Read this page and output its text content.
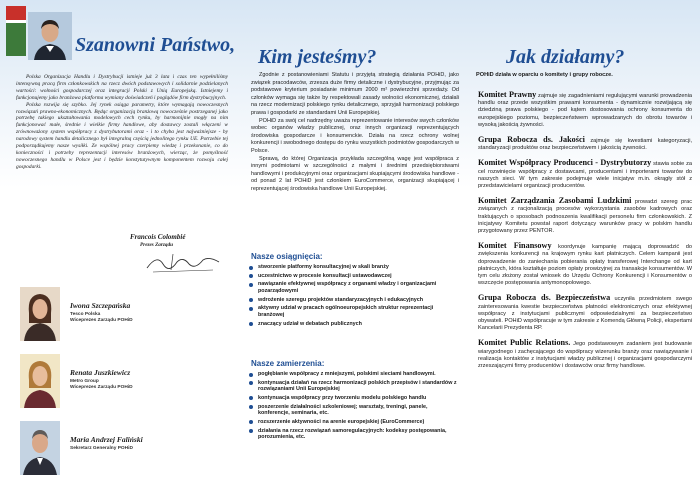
Szanowni Państwo,

Polska Organizacja Handlu i Dystrybucji istnieje już 3 lata i czas ten wypełniliśmy intensywną pracą firm członkowskich na rzecz dwóch podstawowych i solidarnie podzielanych wartości: wolności gospodarczej oraz integracji Polski z Unią Europejską. Istniejemy i funkcjonujemy jako branżowa platforma wymiany doświadczeń i poglądów firm dystrybucyjnych.

Polska rozwija się szybko. Jej rynek osiąga parametry, które wymagają nowoczesnych rozwiązań prawno-ekonomicznych. Będąc organizacją branżową nowocześnie postrzeganej jako potrzebę takiego ukształtowania modelowych cech rynku, by harmonijnie mogły na nim funkcjonować małe, średnie i wielkie firmy handlowe, aby dostawcy zostali włączeni w zrównoważony system współpracy z dystrybutorami oraz - i to chyba jest najważniejsze - by narodowy system handlu detalicznego był integralną częścią jednolitego rynku UE. Potrzebie tej podporządkujemy nasze wysiłki. Ze wspólnej pracy czerpiemy wiedzę i przekonanie, co do konieczności i potrzeby reprezentacji interesów branżowych, wierząc, że pomyślność nowoczesnego handlu w Polsce jest i będzie konstytutywnym komponentem rozwoju całej gospodarki.

Francois Colombié
Prezes Zarządu
Iwona Szczepańska
Tesco Polska
Wiceprezes Zarządu POHiD
Renata Juszkiewicz
Metro Group
Wiceprezes Zarządu POHiD
Maria Andrzej Faliński
Sekretarz Generalny POHiD
Kim jesteśmy?

Zgodnie z postanowieniami Statutu i przyjętą strategią działania POHiD, jako związek pracodawców, zrzesza duże firmy detaliczne i dystrybucyjne, przyjmując za podstawowe kryterium posiadanie minimum 2000 m² powierzchni sprzedaży. Od członków wymaga się także by respektowali zasady wolności ekonomicznej, działali na rzecz modernizacji polskiego rynku detalicznego, sprzyjali harmonizacji polskiego prawa i gospodarki ze standardami Unii Europejskiej.

POHiD za swój cel nadrzędny uważa reprezentowanie interesów swych członków wobec organów władzy publicznej, oraz innych organizacji reprezentujących środowiska gospodarcze i konsumenckie. Działa na rzecz ochrony wolnej konkurencji i swobodnego dostępu do rynku wszystkich podmiotów gospodarczych w Polsce.

Sprawą, do której Organizacja przykłada szczególną wagę jest współpraca z innymi podmiotami w szczególności z małymi i średnimi przedsiębiorstwami handlowymi i produkcyjnymi oraz organizacjami skupiającymi środowiska handlowe - od ponad 2 lat POHiD jest członkiem EuroCommerce, organizacji skupiającej i reprezentującej środowiska handlowe Unii Europejskiej.

Nasze osiągnięcia:
stworzenie platformy konsultacyjnej w skali branży
uczestnictwo w procesie konsultacji ustawodawczej
nawiązanie efektywnej współpracy z organami władzy i organizacjami pozarządowymi
wdrożenie szeregu projektów standaryzacyjnych i edukacyjnych
aktywny udział w pracach ogólnoeuropejskich struktur reprezentacji branżowej
znaczący udział w debatach publicznych
Nasze zamierzenia:
pogłębianie współpracy z mniejszymi, polskimi sieciami handlowymi.
kontynuacja działań na rzecz harmonizacji polskich przepisów i standardów z rozwiązaniami Unii Europejskiej
kontynuacja współpracy przy tworzeniu modelu polskiego handlu
poszerzenie działalności szkoleniowej; warsztaty, treningi, panele, konferencje, seminaria, etc.
rozszerzenie aktywności na arenie europejskiej (EuroCommerce)
działania na rzecz rozwiązań samoregulacyjnych: kodeksy postępowania, porozumienia, etc.
Jak działamy?

POHiD działa w oparciu o komitety i grupy robocze.

Komitet Prawny zajmuje się zagadnieniami regulującymi warunki prowadzenia handlu oraz przede wszystkim prawami konsumenta - dynamicznie rozwijającą się dziedziną prawa polskiego - pod kątem dostosowania ochrony konsumenta do europejskiego poziomu, bezpieczeństwem wprowadzanych do obrotu towarów i wysoką jakością żywności.

Grupa Robocza ds. Jakości zajmuje się kwestiami kategoryzacji, standaryzacji produktów oraz bezpieczeństwem i jakością żywności.

Komitet Współpracy Producenci - Dystrybutorzy stawia sobie za cel rozwinięcie współpracy z dostawcami, producentami i importerami towarów do naszych sieci. W tym zakresie podejmuje wiele inicjatyw m.in. okrągły stół z przedstawicielami organizacji producentów.

Komitet Zarządzania Zasobami Ludzkimi prowadzi szereg prac związanych z racjonalizacją procesów wykorzystania zasobów kadrowych oraz traktujących o sposobach podnoszenia kwalifikacji personelu firm członkowskich. Z inicjatywy Komitetu powstał raport dotyczący warunków pracy w polskim handlu przygotowany przez PENTOR.

Komitet Finansowy koordynuje kampanię mającą doprowadzić do zwiększenia konkurencji na krajowym rynku kart płatniczych. Celem kampanii jest doprowadzenie do zaniechania pobierania opłaty transferowej Interchange od kart płatniczych, która kształtuje poziom opłaty prowizyjnej za transakcje konsumentów. W tym celu złożony został wniosek do Urzędu Ochrony Konkurencji i Konsumentów o wszczęcie postępowania antymonopolowego.

Grupa Robocza ds. Bezpieczeństwa uczyniła przedmiotem swego zainteresowania kwestie bezpieczeństwa płatności elektronicznych oraz efektywnej współpracy z instytucjami publicznymi odpowiedzialnymi za bezpieczeństwo obywateli. POHiD współpracuje w tym zakresie z Komendą Główną Policji, ekspertami Kancelarii Prezydenta RP.

Komitet Public Relations. Jego podstawowym zadaniem jest budowanie wiarygodnego i zachęcającego do współpracy wizerunku branży oraz nawiązywanie i realizacja kontaktów z instytucjami władzy publicznej i organizacjami gospodarczymi zrzeszającymi firmy producentów i dostawców oraz firmy handlowe.
